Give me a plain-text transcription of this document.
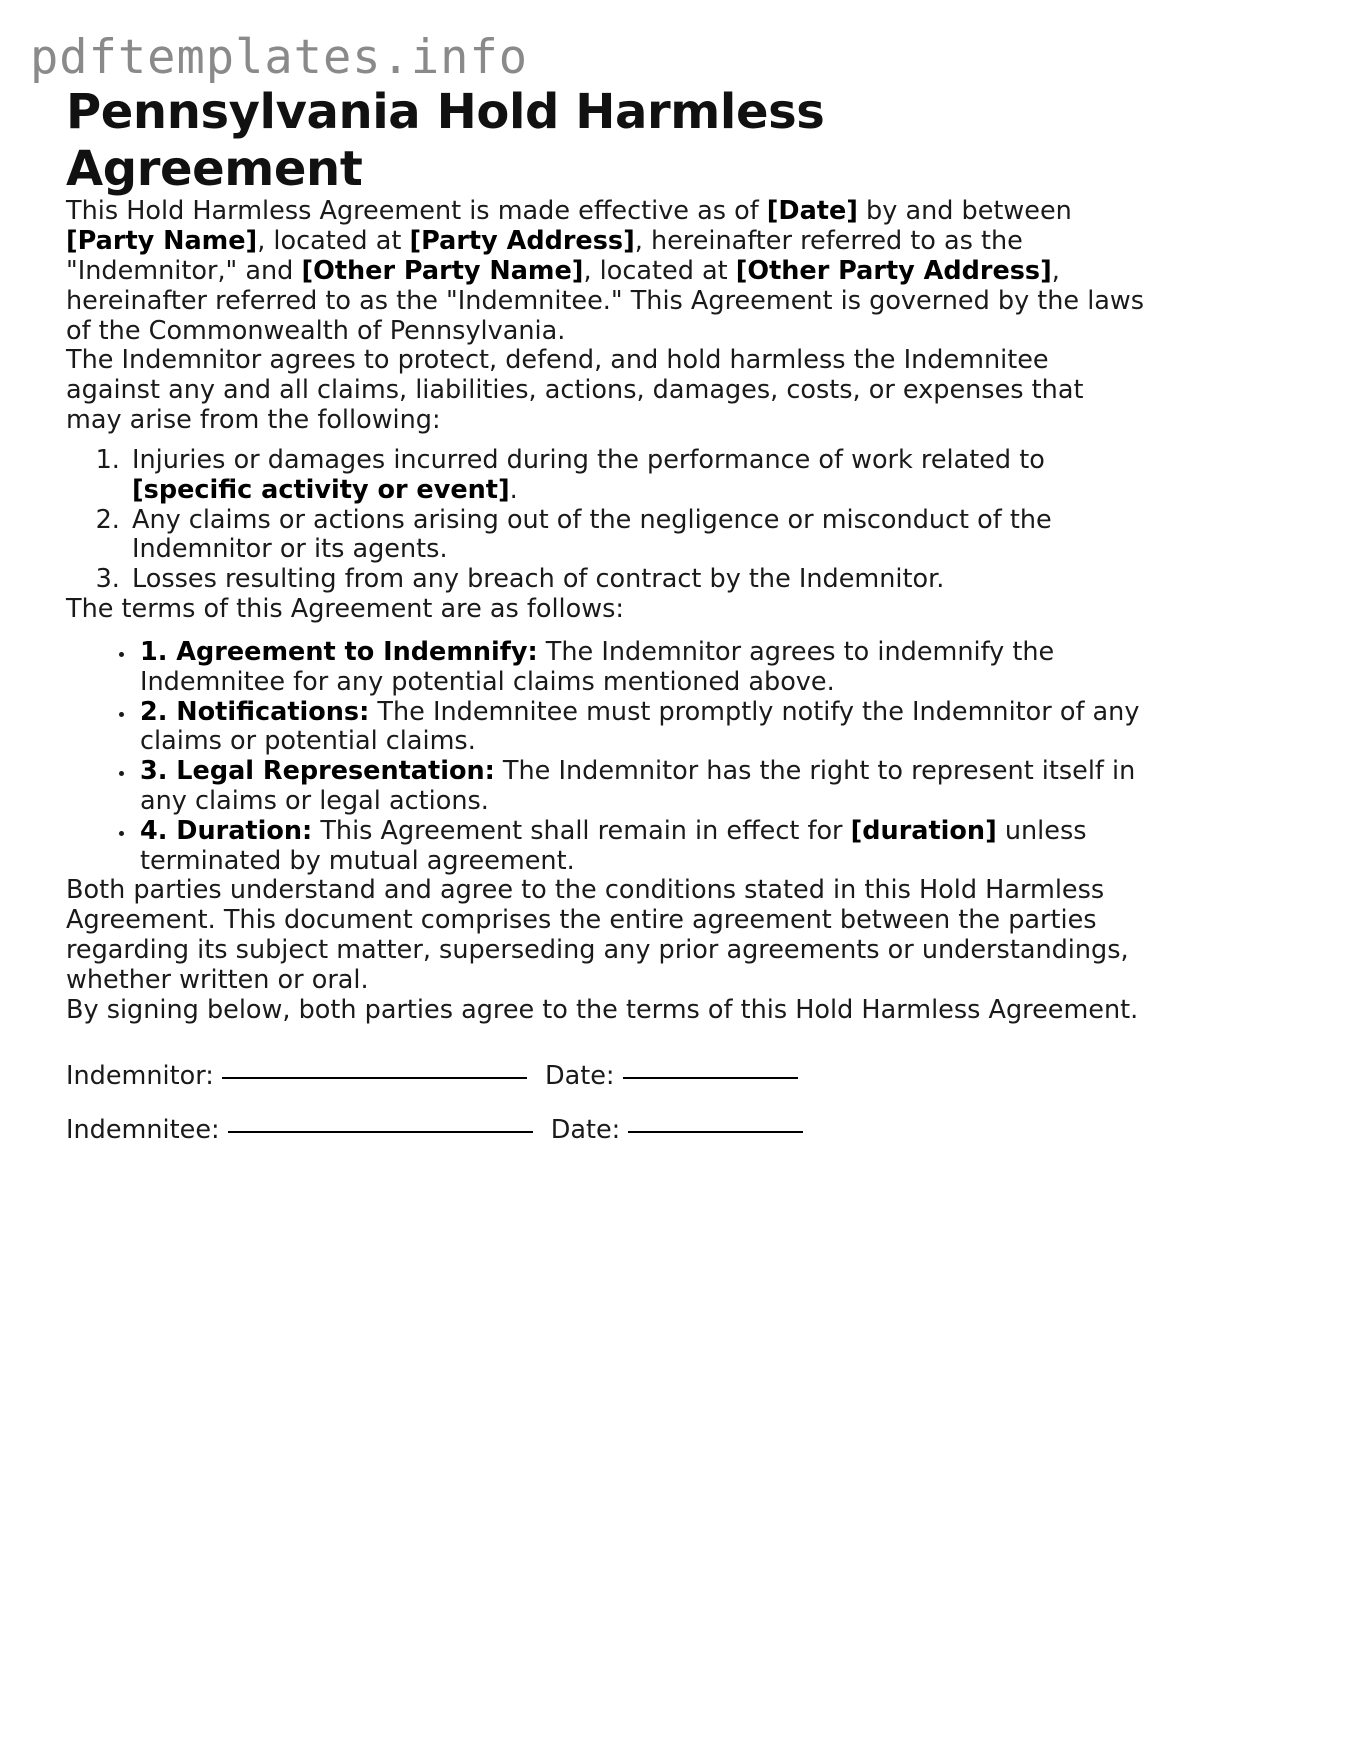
pdftemplates.info
Pennsylvania Hold Harmless Agreement

This Hold Harmless Agreement is made effective as of [Date] by and between [Party Name], located at [Party Address], hereinafter referred to as the "Indemnitor," and [Other Party Name], located at [Other Party Address], hereinafter referred to as the "Indemnitee." This Agreement is governed by the laws of the Commonwealth of Pennsylvania.

The Indemnitor agrees to protect, defend, and hold harmless the Indemnitee against any and all claims, liabilities, actions, damages, costs, or expenses that may arise from the following:

1. Injuries or damages incurred during the performance of work related to [specific activity or event].
2. Any claims or actions arising out of the negligence or misconduct of the Indemnitor or its agents.
3. Losses resulting from any breach of contract by the Indemnitor.

The terms of this Agreement are as follows:

• 1. Agreement to Indemnify: The Indemnitor agrees to indemnify the Indemnitee for any potential claims mentioned above.
• 2. Notifications: The Indemnitee must promptly notify the Indemnitor of any claims or potential claims.
• 3. Legal Representation: The Indemnitor has the right to represent itself in any claims or legal actions.
• 4. Duration: This Agreement shall remain in effect for [duration] unless terminated by mutual agreement.

Both parties understand and agree to the conditions stated in this Hold Harmless Agreement. This document comprises the entire agreement between the parties regarding its subject matter, superseding any prior agreements or understandings, whether written or oral.

By signing below, both parties agree to the terms of this Hold Harmless Agreement.

Indemnitor:	Date:
Indemnitee:	Date:
